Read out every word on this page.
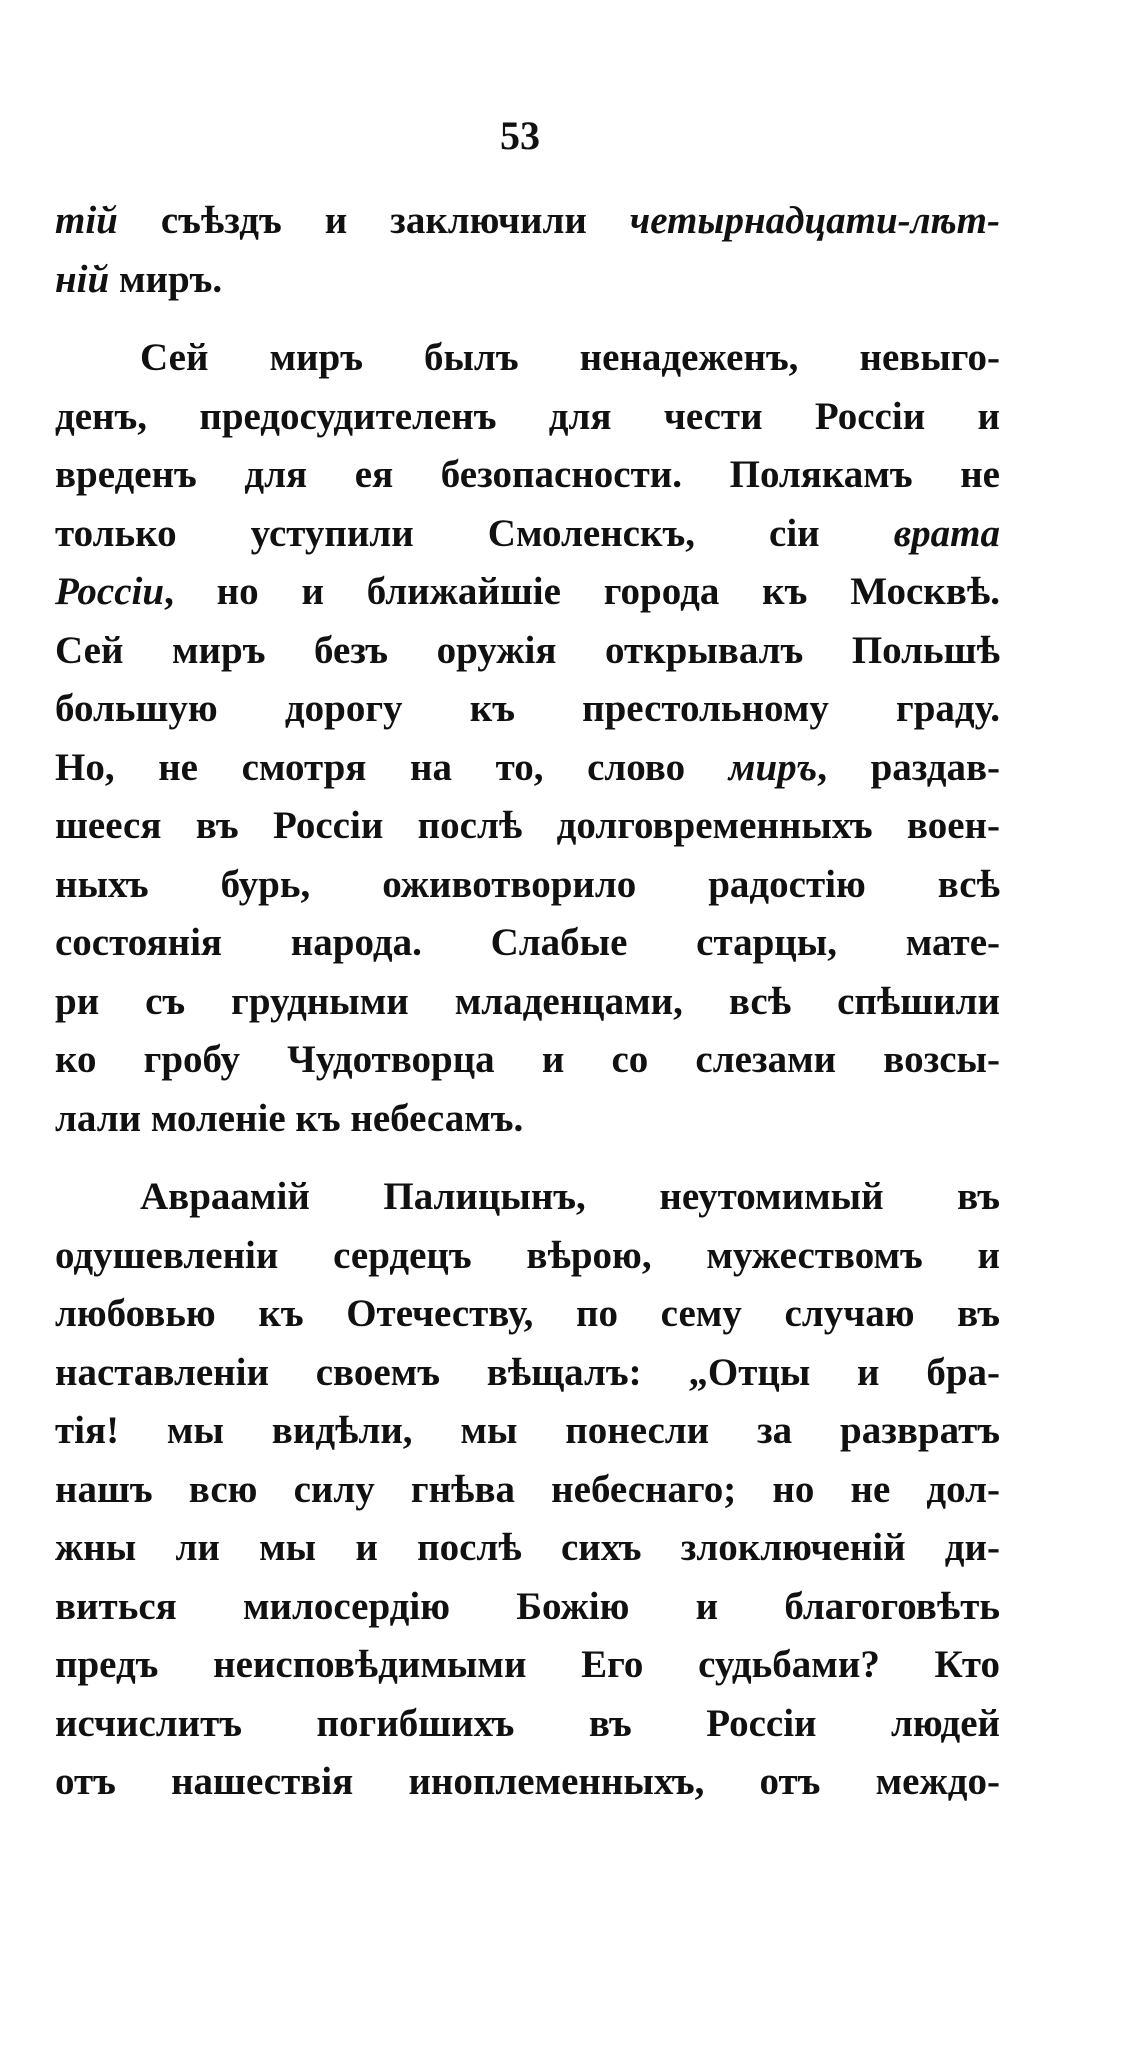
53
тій съѣздъ и заключили четырнадцати-лѣт-
ній миръ.
Сей миръ былъ ненадеженъ, невыго-
денъ, предосудителенъ для чести Россіи и
вреденъ для ея безопасности. Полякамъ не
только уступили Смоленскъ, сіи врата
Россіи, но и ближайшіе города къ Москвѣ.
Сей миръ безъ оружія открывалъ Польшѣ
большую дорогу къ престольному граду.
Но, не смотря на то, слово миръ, раздав-
шееся въ Россіи послѣ долговременныхъ воен-
ныхъ бурь, оживотворило радостію всѣ
состоянія народа. Слабые старцы, мате-
ри съ грудными младенцами, всѣ спѣшили
ко гробу Чудотворца и со слезами возсы-
лали моленіе къ небесамъ.
Авраамій Палицынъ, неутомимый въ
одушевленіи сердецъ вѣрою, мужествомъ и
любовью къ Отечеству, по сему случаю въ
наставленіи своемъ вѣщалъ: „Отцы и бра-
тія! мы видѣли, мы понесли за развратъ
нашъ всю силу гнѣва небеснаго; но не дол-
жны ли мы и послѣ сихъ злоключеній ди-
виться милосердію Божію и благоговѣть
предъ неисповѣдимыми Его судьбами? Кто
исчислитъ погибшихъ въ Россіи людей
отъ нашествія иноплеменныхъ, отъ междо-
